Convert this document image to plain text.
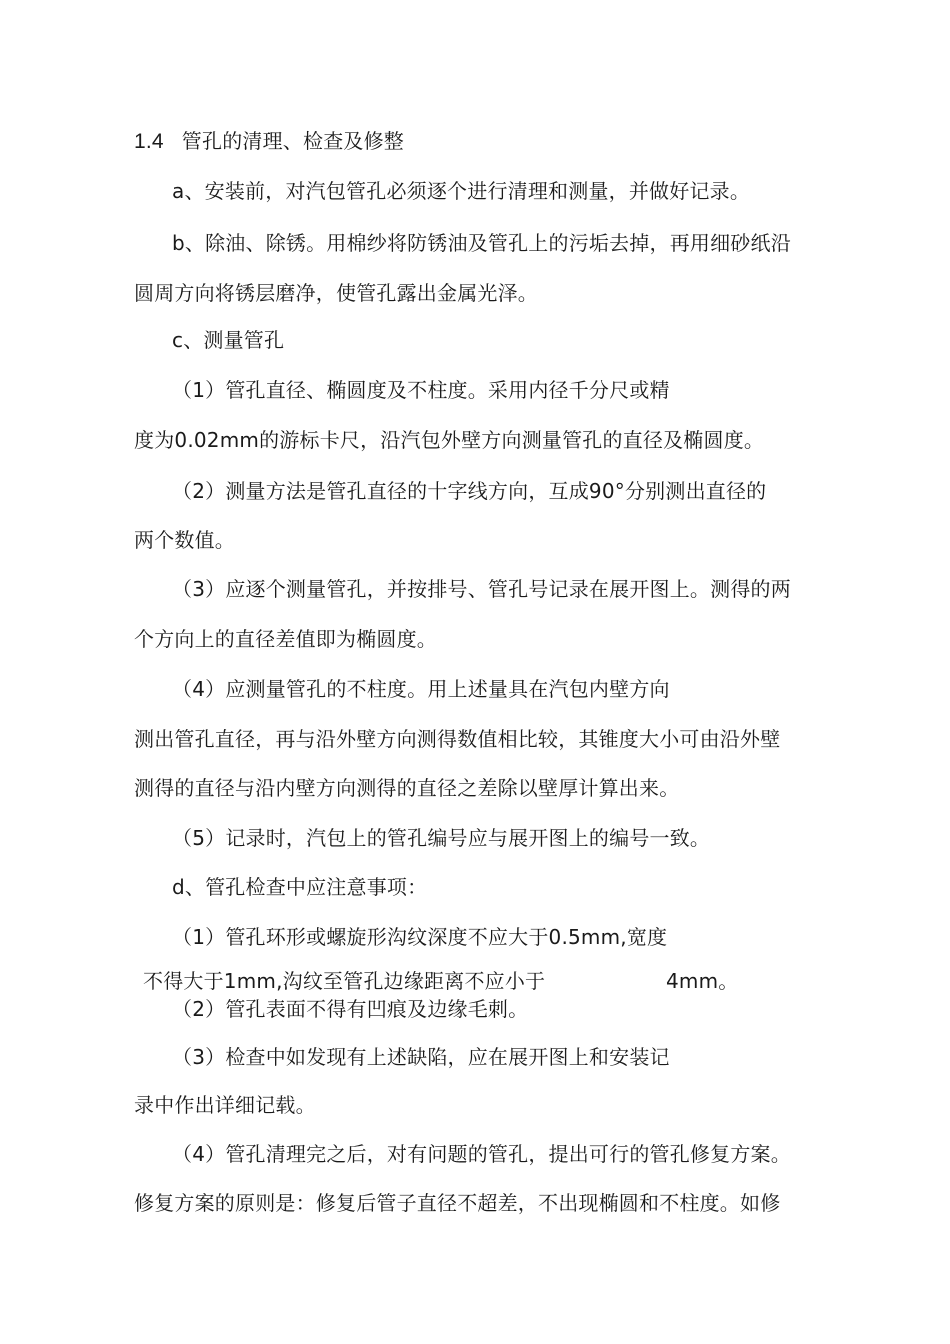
1.4 管孔的清理、检查及修整
a、安装前，对汽包管孔必须逐个进行清理和测量，并做好记录。
b、除油、除锈。用棉纱将防锈油及管孔上的污垢去掉，再用细砂纸沿
圆周方向将锈层磨净，使管孔露出金属光泽。
c、测量管孔
（1）管孔直径、椭圆度及不柱度。采用内径千分尺或精
度为0.02mm的游标卡尺，沿汽包外壁方向测量管孔的直径及椭圆度。
（2）测量方法是管孔直径的十字线方向，互成90°分别测出直径的
两个数值。
（3）应逐个测量管孔，并按排号、管孔号记录在展开图上。测得的两
个方向上的直径差值即为椭圆度。
（4）应测量管孔的不柱度。用上述量具在汽包内壁方向
测出管孔直径，再与沿外壁方向测得数值相比较，其锥度大小可由沿外壁
测得的直径与沿内壁方向测得的直径之差除以壁厚计算出来。
（5）记录时，汽包上的管孔编号应与展开图上的编号一致。
d、管孔检查中应注意事项：
（1）管孔环形或螺旋形沟纹深度不应大于0.5mm,宽度
不得大于1mm,沟纹至管孔边缘距离不应小于	4mm。
（2）管孔表面不得有凹痕及边缘毛刺。
（3）检查中如发现有上述缺陷，应在展开图上和安装记
录中作出详细记载。
（4）管孔清理完之后，对有问题的管孔，提出可行的管孔修复方案。
修复方案的原则是：修复后管子直径不超差，不出现椭圆和不柱度。如修
